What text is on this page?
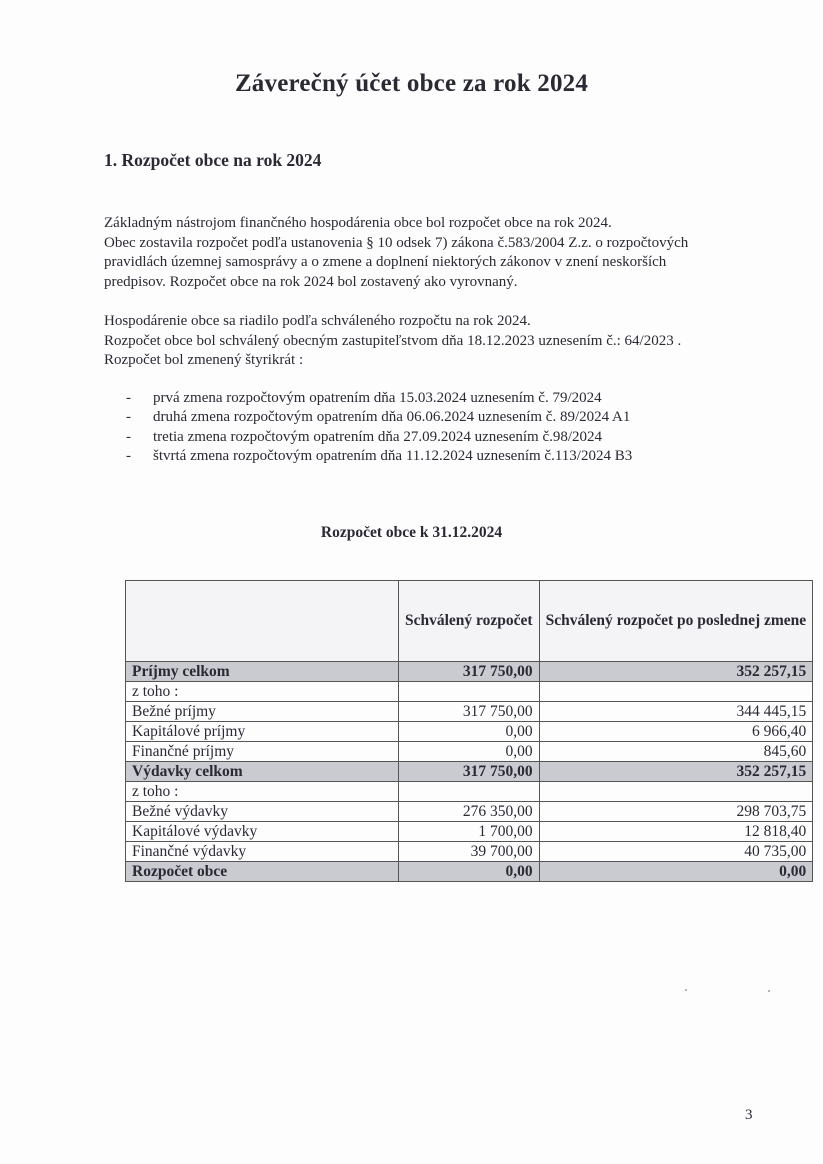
Záverečný účet obce za rok 2024
1. Rozpočet obce na rok 2024
Základným nástrojom finančného hospodárenia obce bol rozpočet obce na rok 2024.
Obec zostavila rozpočet podľa ustanovenia § 10 odsek 7) zákona č.583/2004 Z.z. o rozpočtových
pravidlách územnej samosprávy a o zmene a doplnení niektorých zákonov v znení neskorších
predpisov. Rozpočet obce na rok 2024 bol zostavený ako vyrovnaný.
Hospodárenie obce sa riadilo podľa schváleného rozpočtu na rok 2024.
Rozpočet obce bol schválený obecným zastupiteľstvom dňa 18.12.2023 uznesením č.: 64/2023 .
Rozpočet bol zmenený štyrikrát :
- prvá zmena rozpočtovým opatrením dňa 15.03.2024 uznesením č. 79/2024
- druhá zmena rozpočtovým opatrením dňa 06.06.2024 uznesením č. 89/2024 A1
- tretia zmena rozpočtovým opatrením dňa 27.09.2024 uznesením č.98/2024
- štvrtá zmena rozpočtovým opatrením dňa 11.12.2024 uznesením č.113/2024 B3
Rozpočet obce k 31.12.2024
	Schválený rozpočet	Schválený rozpočet po poslednej zmene
Príjmy celkom	317 750,00	352 257,15
z toho :		
Bežné príjmy	317 750,00	344 445,15
Kapitálové príjmy	0,00	6 966,40
Finančné príjmy	0,00	845,60
Výdavky celkom	317 750,00	352 257,15
z toho :		
Bežné výdavky	276 350,00	298 703,75
Kapitálové výdavky	1 700,00	12 818,40
Finančné výdavky	39 700,00	40 735,00
Rozpočet obce	0,00	0,00
3
